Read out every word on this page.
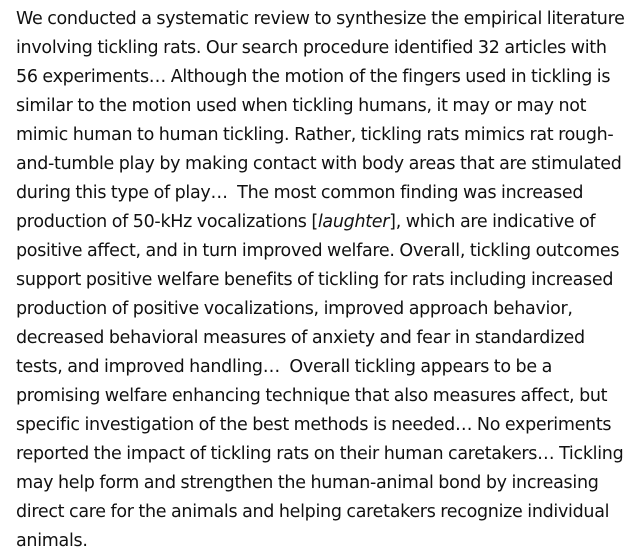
We conducted a systematic review to synthesize the empirical literature
involving tickling rats. Our search procedure identified 32 articles with
56 experiments… Although the motion of the fingers used in tickling is
similar to the motion used when tickling humans, it may or may not
mimic human to human tickling. Rather, tickling rats mimics rat rough-
and-tumble play by making contact with body areas that are stimulated
during this type of play…  The most common finding was increased
production of 50-kHz vocalizations [laughter], which are indicative of
positive affect, and in turn improved welfare. Overall, tickling outcomes
support positive welfare benefits of tickling for rats including increased
production of positive vocalizations, improved approach behavior,
decreased behavioral measures of anxiety and fear in standardized
tests, and improved handling…  Overall tickling appears to be a
promising welfare enhancing technique that also measures affect, but
specific investigation of the best methods is needed… No experiments
reported the impact of tickling rats on their human caretakers… Tickling
may help form and strengthen the human-animal bond by increasing
direct care for the animals and helping caretakers recognize individual
animals.
